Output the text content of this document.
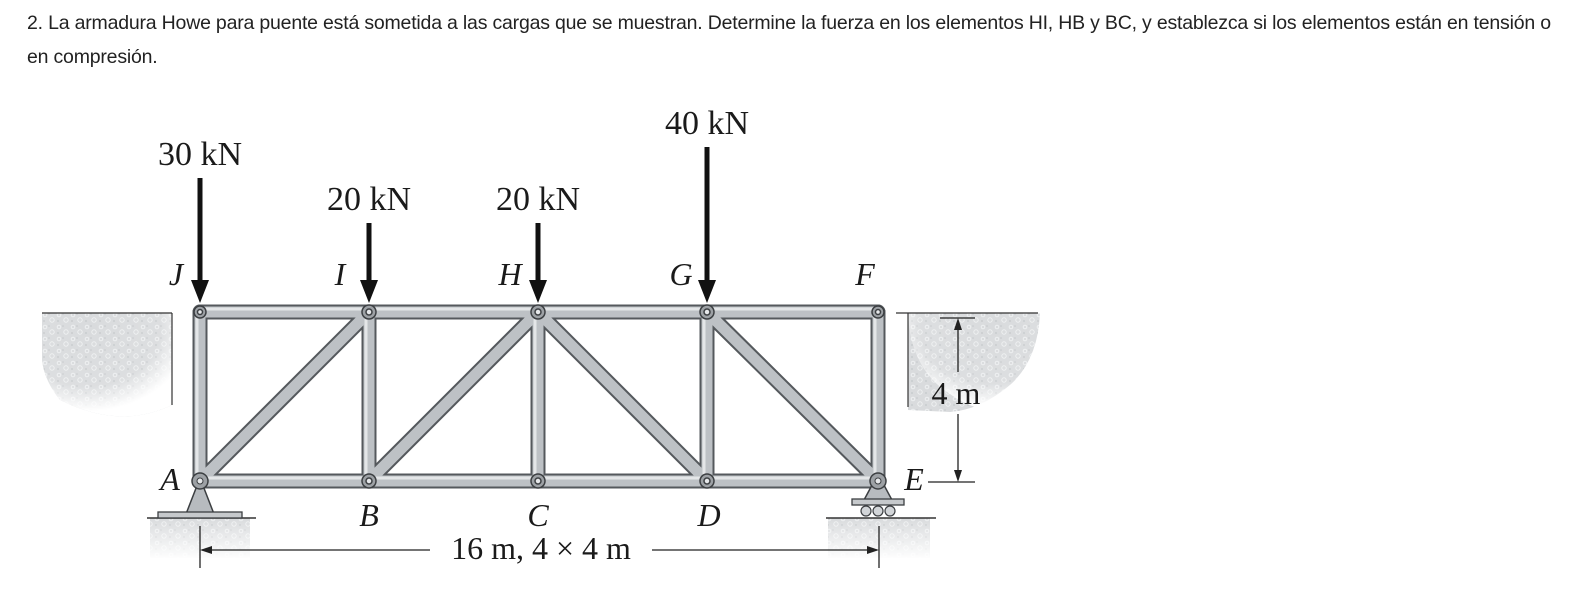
2. La armadura Howe para puente está sometida a las cargas que se muestran. Determine la fuerza en los elementos HI, HB y BC, y establezca si los elementos están en tensión o en compresión.
30 kN
20 kN 20 kN
40 kN
J	I	H	G	F
A
B	C	D
E
4 m
16 m, 4 × 4 m
